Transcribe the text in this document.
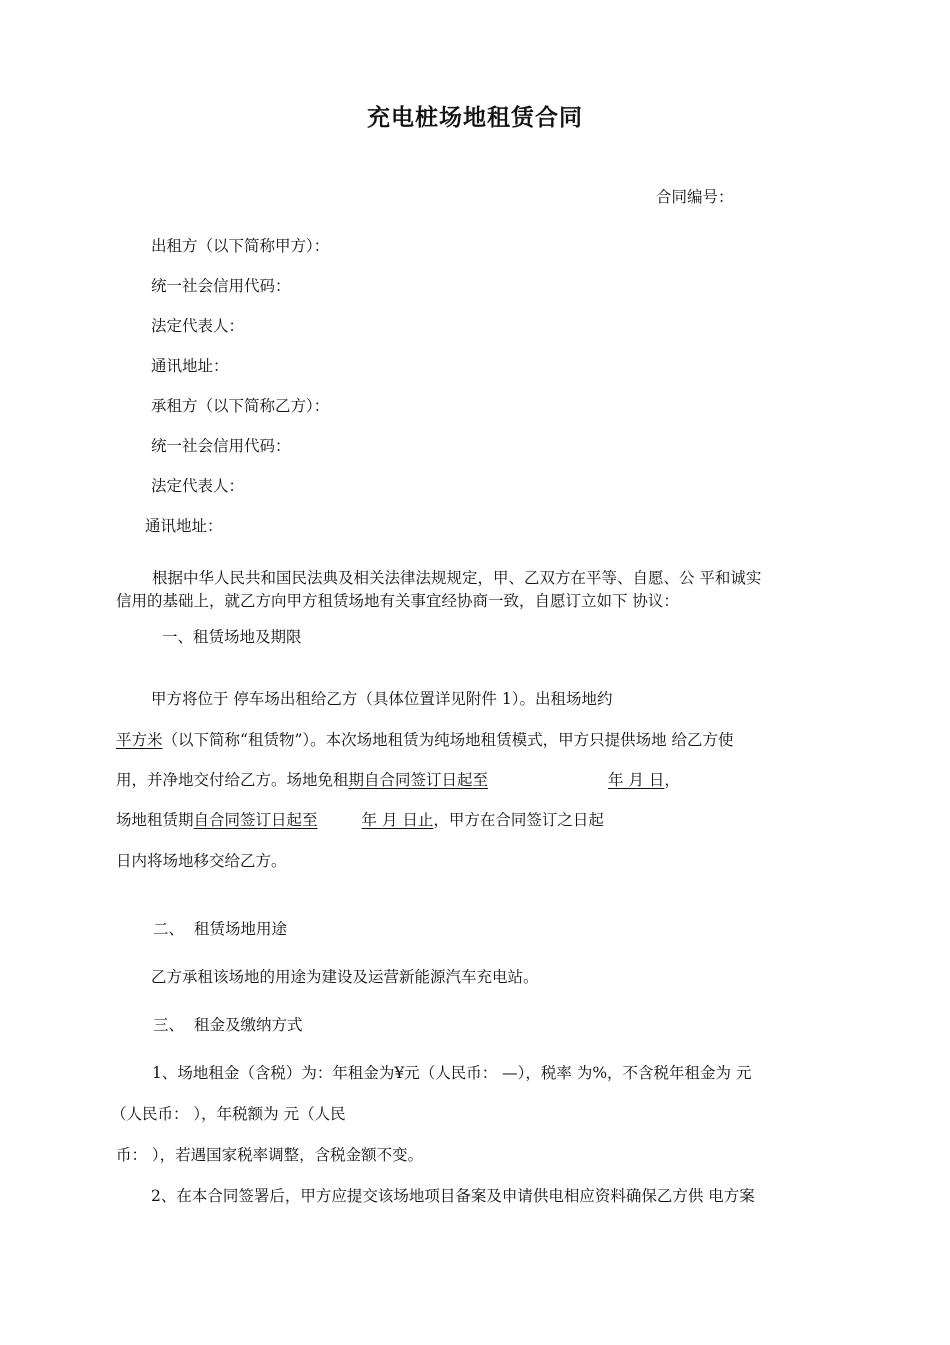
充电桩场地租赁合同
合同编号：
出租方（以下简称甲方）：
统一社会信用代码：
法定代表人：
通讯地址：
承租方（以下简称乙方）：
统一社会信用代码：
法定代表人：
通讯地址：
根据中华人民共和国民法典及相关法律法规规定，甲、乙双方在平等、自愿、公 平和诚实
信用的基础上，就乙方向甲方租赁场地有关事宜经协商一致，自愿订立如下 协议：
一、租赁场地及期限
甲方将位于 停车场出租给乙方（具体位置详见附件 1）。出租场地约
平方米（以下简称“租赁物”）。本次场地租赁为纯场地租赁模式，甲方只提供场地 给乙方使
用，并净地交付给乙方。场地免租期自合同签订日起至	年 月 日，
场地租赁期自合同签订日起至	年 月 日止，甲方在合同签订之日起
日内将场地移交给乙方。
二、 租赁场地用途
乙方承租该场地的用途为建设及运营新能源汽车充电站。
三、 租金及缴纳方式
1、场地租金（含税）为：年租金为¥元（人民币： —），税率 为%，不含税年租金为 元
（人民币： ），年税额为 元（人民
币： ），若遇国家税率调整，含税金额不变。
2、在本合同签署后，甲方应提交该场地项目备案及申请供电相应资料确保乙方供 电方案
